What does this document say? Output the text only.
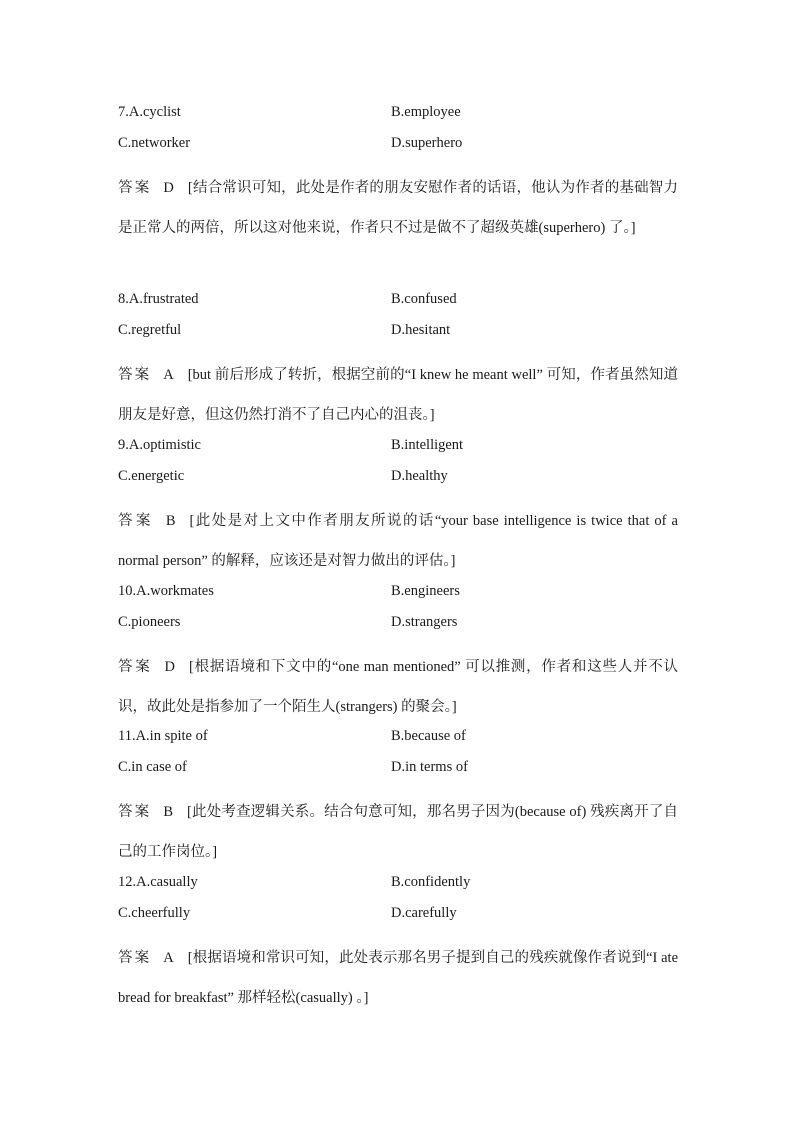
7.A.cyclist	B.employee
C.networker	D.superhero
答案 D [结合常识可知，此处是作者的朋友安慰作者的话语，他认为作者的基础智力是正常人的两倍，所以这对他来说，作者只不过是做不了超级英雄(superhero) 了。]
8.A.frustrated	B.confused
C.regretful	D.hesitant
答案 A [but 前后形成了转折，根据空前的“I knew he meant well” 可知，作者虽然知道朋友是好意，但这仍然打消不了自己内心的沮丧。]
9.A.optimistic	B.intelligent
C.energetic	D.healthy
答案 B [此处是对上文中作者朋友所说的话“your base intelligence is twice that of a normal person” 的解释，应该还是对智力做出的评估。]
10.A.workmates	B.engineers
C.pioneers	D.strangers
答案 D [根据语境和下文中的“one man mentioned” 可以推测，作者和这些人并不认识，故此处是指参加了一个陌生人(strangers) 的聚会。]
11.A.in spite of	B.because of
C.in case of	D.in terms of
答案 B [此处考查逻辑关系。结合句意可知，那名男子因为(because of) 残疾离开了自己的工作岗位。]
12.A.casually	B.confidently
C.cheerfully	D.carefully
答案 A [根据语境和常识可知，此处表示那名男子提到自己的残疾就像作者说到“I ate bread for breakfast” 那样轻松(casually) 。]
